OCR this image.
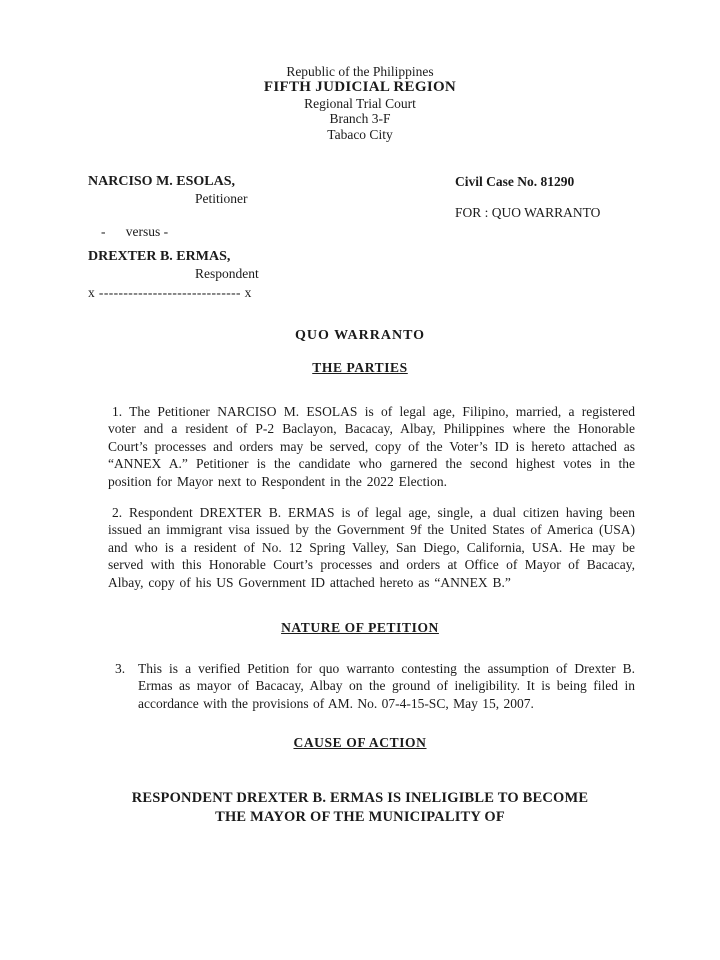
Republic of the Philippines
FIFTH JUDICIAL REGION
Regional Trial Court
Branch 3-F
Tabaco City
NARCISO M. ESOLAS,
Petitioner
-      versus -
DREXTER B. ERMAS,
Respondent
x ----------------------------- x
Civil Case No. 81290
FOR : QUO WARRANTO
QUO WARRANTO
THE PARTIES

1. The Petitioner NARCISO M. ESOLAS is of legal age, Filipino, married, a registered voter and a resident of P-2 Baclayon, Bacacay, Albay, Philippines where the Honorable Court’s processes and orders may be served, copy of the Voter’s ID is hereto attached as “ANNEX A.” Petitioner is the candidate who garnered the second highest votes in the position for Mayor next to Respondent in the 2022 Election.

2. Respondent DREXTER B. ERMAS is of legal age, single, a dual citizen having been issued an immigrant visa issued by the Government 9f the United States of America (USA) and who is a resident of No. 12 Spring Valley, San Diego, California, USA. He may be served with this Honorable Court’s processes and orders at Office of Mayor of Bacacay, Albay, copy of his US Government ID attached hereto as “ANNEX B.”

NATURE OF PETITION
3. This is a verified Petition for quo warranto contesting the assumption of Drexter B. Ermas as mayor of Bacacay, Albay on the ground of ineligibility. It is being filed in accordance with the provisions of AM. No. 07-4-15-SC, May 15, 2007.
CAUSE OF ACTION
RESPONDENT DREXTER B. ERMAS IS INELIGIBLE TO BECOME THE MAYOR OF THE MUNICIPALITY OF
